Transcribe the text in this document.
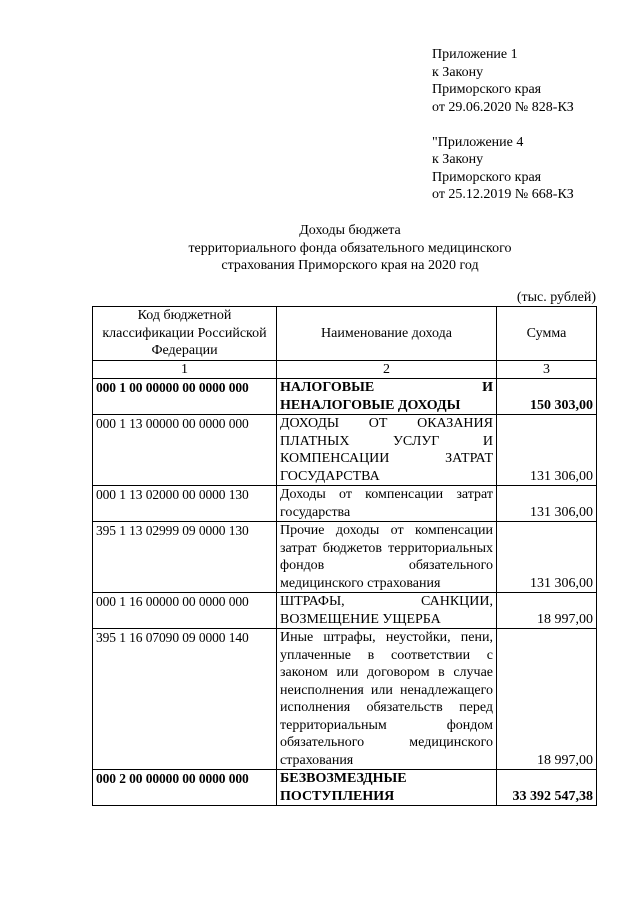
Приложение 1
к Закону
Приморского края
от 29.06.2020 № 828-КЗ
"Приложение 4
к Закону
Приморского края
от 25.12.2019 № 668-КЗ
Доходы бюджета
территориального фонда обязательного медицинского
страхования Приморского края на 2020 год
(тыс. рублей)
Код бюджетной классификации Российской Федерации	Наименование дохода	Сумма
1	2	3
000 1 00 00000 00 0000 000	НАЛОГОВЫЕ И НЕНАЛОГОВЫЕ ДОХОДЫ	150 303,00
000 1 13 00000 00 0000 000	ДОХОДЫ ОТ ОКАЗАНИЯ ПЛАТНЫХ УСЛУГ И КОМПЕНСАЦИИ ЗАТРАТ ГОСУДАРСТВА	131 306,00
000 1 13 02000 00 0000 130	Доходы от компенсации затрат государства	131 306,00
395 1 13 02999 09 0000 130	Прочие доходы от компенсации затрат бюджетов территориальных фондов обязательного медицинского страхования	131 306,00
000 1 16 00000 00 0000 000	ШТРАФЫ, САНКЦИИ, ВОЗМЕЩЕНИЕ УЩЕРБА	18 997,00
395 1 16 07090 09 0000 140	Иные штрафы, неустойки, пени, уплаченные в соответствии с законом или договором в случае неисполнения или ненадлежащего исполнения обязательств перед территориальным фондом обязательного медицинского страхования	18 997,00
000 2 00 00000 00 0000 000	БЕЗВОЗМЕЗДНЫЕ ПОСТУПЛЕНИЯ	33 392 547,38
